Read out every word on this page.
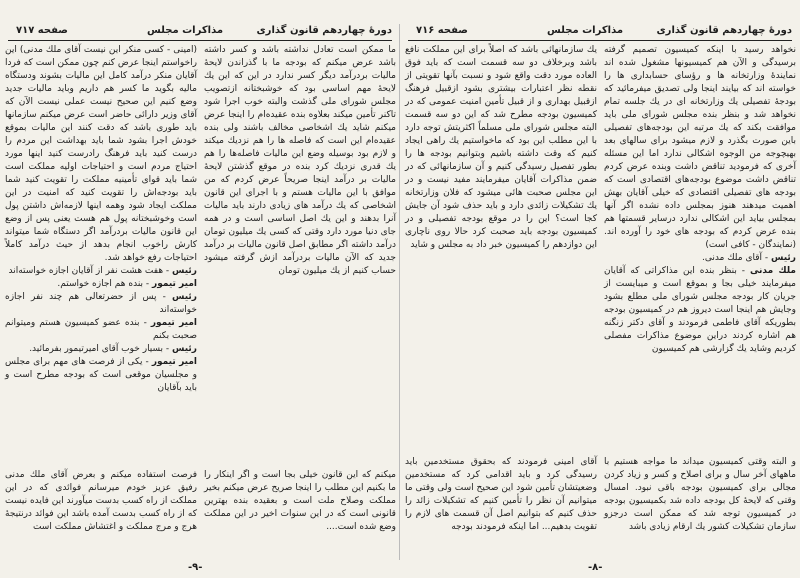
دورهٔ چهاردهم قانون گذاری
مذاکرات مجلس
صفحه ۷۱۷

ما ممکن است تعادل نداشته باشد و کسر داشته باشد عرض میکنم که بودجه ما با گذراندن لایحهٔ مالیات بردرآمد دیگر کسر ندارد در این که این یك لایحهٔ مهم اساسی بود که خوشبختانه ازتصویب مجلس شورای ملی گذشت والبته خوب اجرا شود تاکنر تأمین میکند بعلاوه بنده عقیده‌ام را اینجا عرض میکنم شاید یك اشخاصی مخالف باشند ولی بنده عقیده‌ام این است که فاصله ها را هم نزدیك میکند و لازم بود بوسیله وضع این مالیات فاصله‌ها را هم یك قدری نزدیك کرد بنده در موقع گذشتن لایحهٔ مالیات بر درآمد اینجا صریحاً عرض کردم که من موافق با این مالیات هستم و با اجرای این قانون اشخاصی که یك درآمد های زیادی دارند باید مالیات آنرا بدهند و این یك اصل اساسی است و در همه جای دنیا مورد دارد وقتی که کسی یك میلیون تومان درآمد داشته اگر مطابق اصل قانون مالیات بر درآمد جدید که الآن مالیات بردرآمد ازش گرفته میشود حساب کنیم از یك میلیون تومان

میکنم که این قانون خیلی بجا است و اگر اینکار را ما بکنیم این مطلب را اینجا صریح عرض میکنم بخیر مملکت وصلاح ملت است و بعقیده بنده بهترین قانونی است که در این سنوات اخیر در این مملکت وضع شده است....

(امینی - کسی منکر این نیست آقای ملك مدنی) این راخواستم اینجا عرض کنم چون ممکن است که فردا آقایان منکر درآمد کامل این مالیات بشوند ودستگاه مالیه بگوید ما کسر هم داریم وباید مالیات جدید وضع کنیم این صحیح نیست عملی نیست الآن که آقای وزیر دارائی حاضر است عرض میکنم سازمانها باید طوری باشد که دقت کنند این مالیات بموقع خودش اجرا بشود شما باید بهداشت این مردم را درست کنید باید فرهنگ رادرست کنید اینها مورد احتیاج مردم است و احتیاجات اولیه مملکت است شما باید قوای تأمینیه مملکت را تقویت کنید شما باید بودجه‌اش را تقویت کنید که امنیت در این مملکت ایجاد شود وهمه اینها لازمه‌اش داشتن پول است وخوشبختانه پول هم هست یعنی پس از وضع این قانون مالیات بردرآمد اگر دستگاه شما میتواند کارش راخوب انجام بدهد از حیث درآمد کاملاً احتیاجات رفع خواهد شد.

رئیس - هفت هشت نفر از آقایان اجازه خواسته‌اند

امیر تیمور - بنده هم اجازه خواستم.

رئیس - پس از حضرتعالی هم چند نفر اجازه خواسته‌اند

امیر تیمور - بنده عضو کمیسیون هستم ومیتوانم صحبت بکنم

رئیس - بسیار خوب آقای امیرتیمور بفرمائید.

امیر تیمور - یکی از فرصت های مهم برای مجلس و مجلسیان موقعی است که بودجه مطرح است و باید بآقایان

فرصت استفاده میکنم و بعرض آقای ملك مدنی رفیق عزیز خودم میرسانم فوائدی که در این مملکت از راه کسب بدست میآورند این فایده نیست که از راه کسب بدست آمده باشد این فوائد درنتیجهٔ هرج و مرج مملکت و اغتشاش مملکت است

-٩-
دورهٔ چهاردهم قانون گذاری
مذاکرات مجلس
صفحه ۷۱۶

نخواهد رسید با اینکه کمیسیون تصمیم گرفته برسیدگی و الآن هم کمیسیونها مشغول شده اند نمایندهٔ وزارتخانه ها و رؤسای حسابداری ها را خواسته اند که بیایند اینجا ولی تصدیق میفرمائید که بودجهٔ تفصیلی یك وزارتخانه ای در یك جلسه تمام نخواهد شد و بنظر بنده مجلس شورای ملی باید موافقت بکند که یك مرتبه این بودجه‌های تفصیلی باین صورت بگذرد و لازم میشود برای سالهای بعد بهیچوجه من الوجوه اشکالی ندارد اما این مسئله آخری که فرمودید تناقض داشت وبنده عرض کردم تناقض داشت موضوع بودجه‌های اقتصادی است که بودجه های تفصیلی اقتصادی که خیلی آقایان بهش اهمیت میدهند هنوز بمجلس داده نشده اگر آنها بمجلس بیاید این اشکالی ندارد درسایر قسمتها هم بنده عرض کردم که بودجه های خود را آورده اند. (نمایندگان - کافی است)

رئیس - آقای ملك مدنی.

ملك مدنی - بنظر بنده این مذاکراتی که آقایان میفرمایند خیلی بجا و بموقع است و میبایست از جریان کار بودجه مجلس شورای ملی مطلع بشود وجایش هم اینجا است دیروز هم در کمیسیون بودجه بطوریکه آقای فاطمی فرمودند و آقای دکتر زنگنه هم اشاره کردند دراین موضوع مذاکرات مفصلی کردیم وشاید یك گزارشی هم کمیسیون

و البته وقتی کمیسیون میداند ما مواجه هستیم با ماههای آخر سال و برای اصلاح و کسر و زیاد کردن مجالی برای کمیسیون بودجه باقی نبود. امسال وقتی که لایحهٔ کل بودجه داده شد بکمیسیون بودجه در کمیسیون توجه شد که ممکن است درجزو سازمان تشکیلات کشور یك ارقام زیادی باشد

یك سازمانهائی باشد که اصلاً برای این مملکت نافع باشد وبرخلاف دو سه قسمت است که باید فوق العاده مورد دقت واقع شود و نسبت بآنها تقویتی از نقطه نظر اعتبارات بیشتری بشود ازقبیل فرهنگ ازقبیل بهداری و از قبیل تأمین امنیت عمومی که در کمیسیون بودجه مطرح شد که این دو سه قسمت البته مجلس شورای ملی مسلماً اکثریتش توجه دارد با این مطلب این بود که ماخواستیم یك راهی ایجاد کنیم که وقت داشته باشیم وبتوانیم بودجه ها را بطور تفصیل رسیدگی کنیم و آن سازمانهائی که در ضمن مذاکرات آقایان میفرمایند مفید نیست و در این مجلس صحبت هائی میشود که فلان وزارتخانه یك تشکیلات زائدی دارد و باید حذف شود آن جایش کجا است؟ این را در موقع بودجه تفصیلی و در کمیسیون بودجه باید صحبت کرد حالا روی ناچاری این دوازدهم را کمیسیون خبر داد به مجلس و شاید

آقای امینی فرمودند که بحقوق مستخدمین باید رسیدگی کرد و باید اقدامی کرد که مستخدمین وضعیتشان تأمین شود این صحیح است ولی وقتی ما میتوانیم آن نظر را تأمین کنیم که تشکیلات زائد را حذف کنیم که بتوانیم اصل آن قسمت های لازم را تقویت بدهیم... اما اینکه فرمودند بودجه

-٨-
